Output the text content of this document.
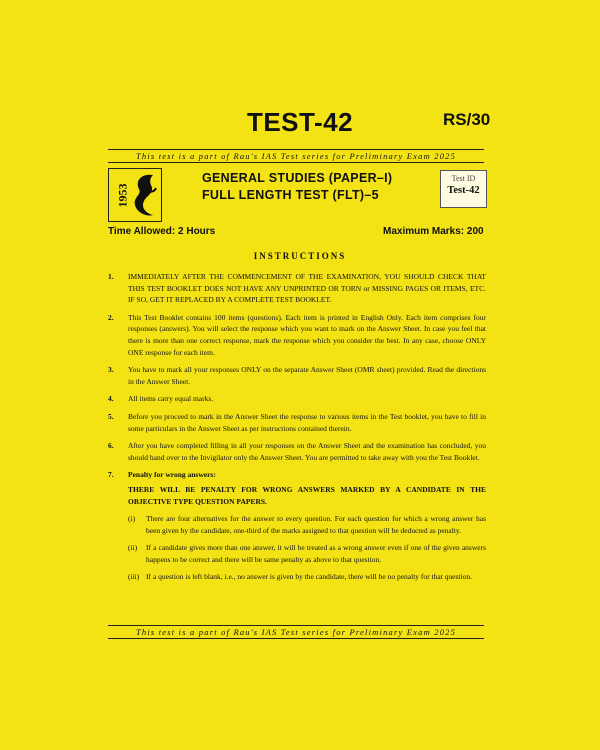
TEST-42	RS/30
This test is a part of Rau's IAS Test series for Preliminary Exam 2025
1953
GENERAL STUDIES (PAPER–I)
FULL LENGTH TEST (FLT)–5
Test ID
Test-42
Time Allowed: 2 Hours	Maximum Marks: 200
INSTRUCTIONS
1.	IMMEDIATELY AFTER THE COMMENCEMENT OF THE EXAMINATION, YOU SHOULD CHECK THAT THIS TEST BOOKLET DOES NOT HAVE ANY UNPRINTED OR TORN or MISSING PAGES OR ITEMS, ETC. IF SO, GET IT REPLACED BY A COMPLETE TEST BOOKLET.
2.	This Test Booklet contains 100 items (questions). Each item is printed in English Only. Each item comprises four responses (answers). You will select the response which you want to mark on the Answer Sheet. In case you feel that there is more than one correct response, mark the response which you consider the best. In any case, choose ONLY ONE response for each item.
3.	You have to mark all your responses ONLY on the separate Answer Sheet (OMR sheet) provided. Read the directions in the Answer Sheet.
4.	All items carry equal marks.
5.	Before you proceed to mark in the Answer Sheet the response to various items in the Test booklet, you have to fill in some particulars in the Answer Sheet as per instructions contained therein.
6.	After you have completed filling in all your responses on the Answer Sheet and the examination has concluded, you should hand over to the Invigilator only the Answer Sheet. You are permitted to take away with you the Test Booklet.
7.	Penalty for wrong answers:
THERE WILL BE PENALTY FOR WRONG ANSWERS MARKED BY A CANDIDATE IN THE OBJECTIVE TYPE QUESTION PAPERS.
(i)	There are four alternatives for the answer to every question. For each question for which a wrong answer has been given by the candidate, one-third of the marks assigned to that question will be deducted as penalty.
(ii)	If a candidate gives more than one answer, it will be treated as a wrong answer even if one of the given answers happens to be correct and there will be same penalty as above to that question.
(iii) If a question is left blank, i.e., no answer is given by the candidate, there will be no penalty for that question.
This test is a part of Rau's IAS Test series for Preliminary Exam 2025
